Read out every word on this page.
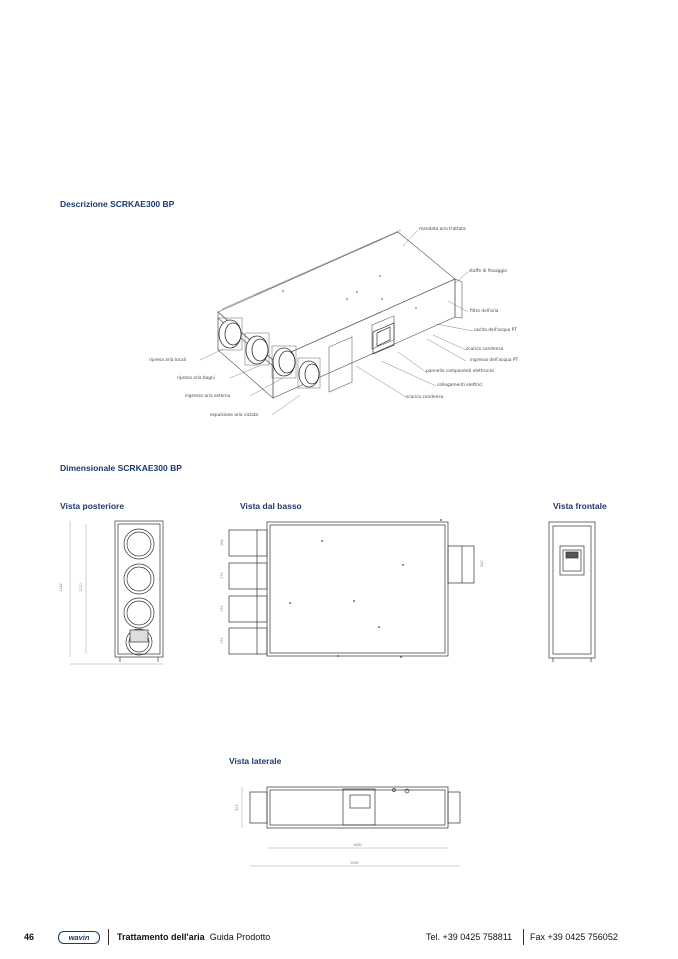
Descrizione SCRKAE300 BP
mandata aria trattata
staffe di fissaggio
filtro dell'aria
uscita dell'acqua PT
scarico condensa
ingresso dell'acqua PT
pannello componenti elettronici
collegamenti elettrici
scarico condensa
ripresa aria locali
ripresa aria bagni
ingresso aria esterna
espulsione aria viziata
Dimensionale SCRKAE300 BP
Vista posteriore	Vista dal basso	Vista frontale
Vista laterale
1144	1110
164
175
175
175
240
303
1080
1560
46	wavin	Trattamento dell'aria Guida Prodotto	Tel. +39 0425 758811 Fax +39 0425 756052
